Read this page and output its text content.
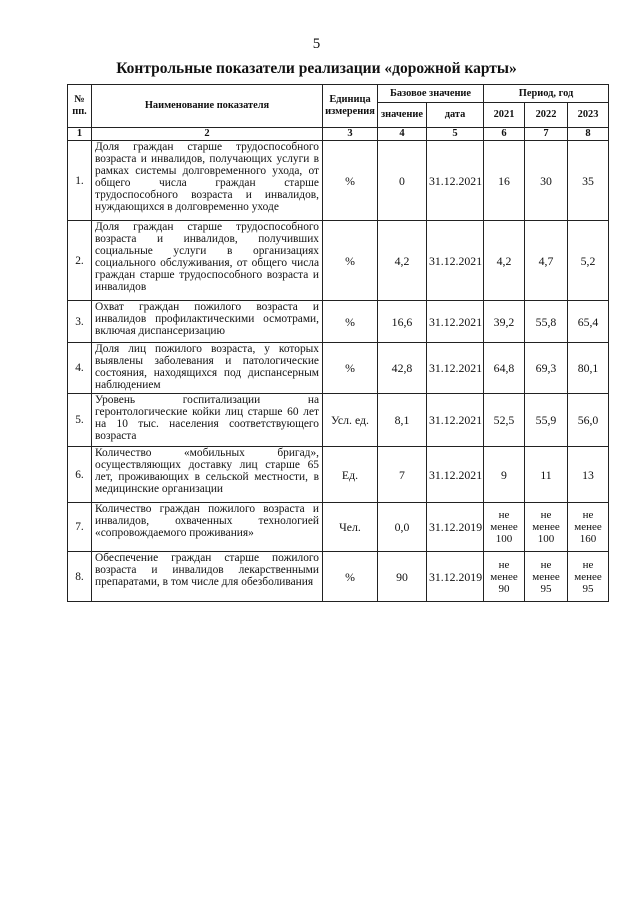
5
Контрольные показатели реализации «дорожной карты»
№ пп.	Наименование показателя	Единица измерения	Базовое значение		Период, год		
			значение	дата	2021	2022	2023
1	2	3	4	5	6	7	8
1.	Доля граждан старше трудоспособного возраста и инвалидов, получающих услуги в рамках системы долговременного ухода, от общего числа граждан старше трудоспособного возраста и инвалидов, нуждающихся в долговременно уходе	%	0	31.12.2021	16	30	35
2.	Доля граждан старше трудоспособного возраста и инвалидов, получивших социальные услуги в организациях социального обслуживания, от общего числа граждан старше трудоспособного возраста и инвалидов	%	4,2	31.12.2021	4,2	4,7	5,2
3.	Охват граждан пожилого возраста и инвалидов профилактическими осмотрами, включая диспансеризацию	%	16,6	31.12.2021	39,2	55,8	65,4
4.	Доля лиц пожилого возраста, у которых выявлены заболевания и патологические состояния, находящихся под диспансерным наблюдением	%	42,8	31.12.2021	64,8	69,3	80,1
5.	Уровень госпитализации на геронтологические койки лиц старше 60 лет на 10 тыс. населения соответствующего возраста	Усл. ед.	8,1	31.12.2021	52,5	55,9	56,0
6.	Количество «мобильных бригад», осуществляющих доставку лиц старше 65 лет, проживающих в сельской местности, в медицинские организации	Ед.	7	31.12.2021	9	11	13
7.	Количество граждан пожилого возраста и инвалидов, охваченных технологией «сопровождаемого проживания»	Чел.	0,0	31.12.2019	не менее 100	не менее 100	не менее 160
8.	Обеспечение граждан старше пожилого возраста и инвалидов лекарственными препаратами, в том числе для обезболивания	%	90	31.12.2019	не менее 90	не менее 95	не менее 95
